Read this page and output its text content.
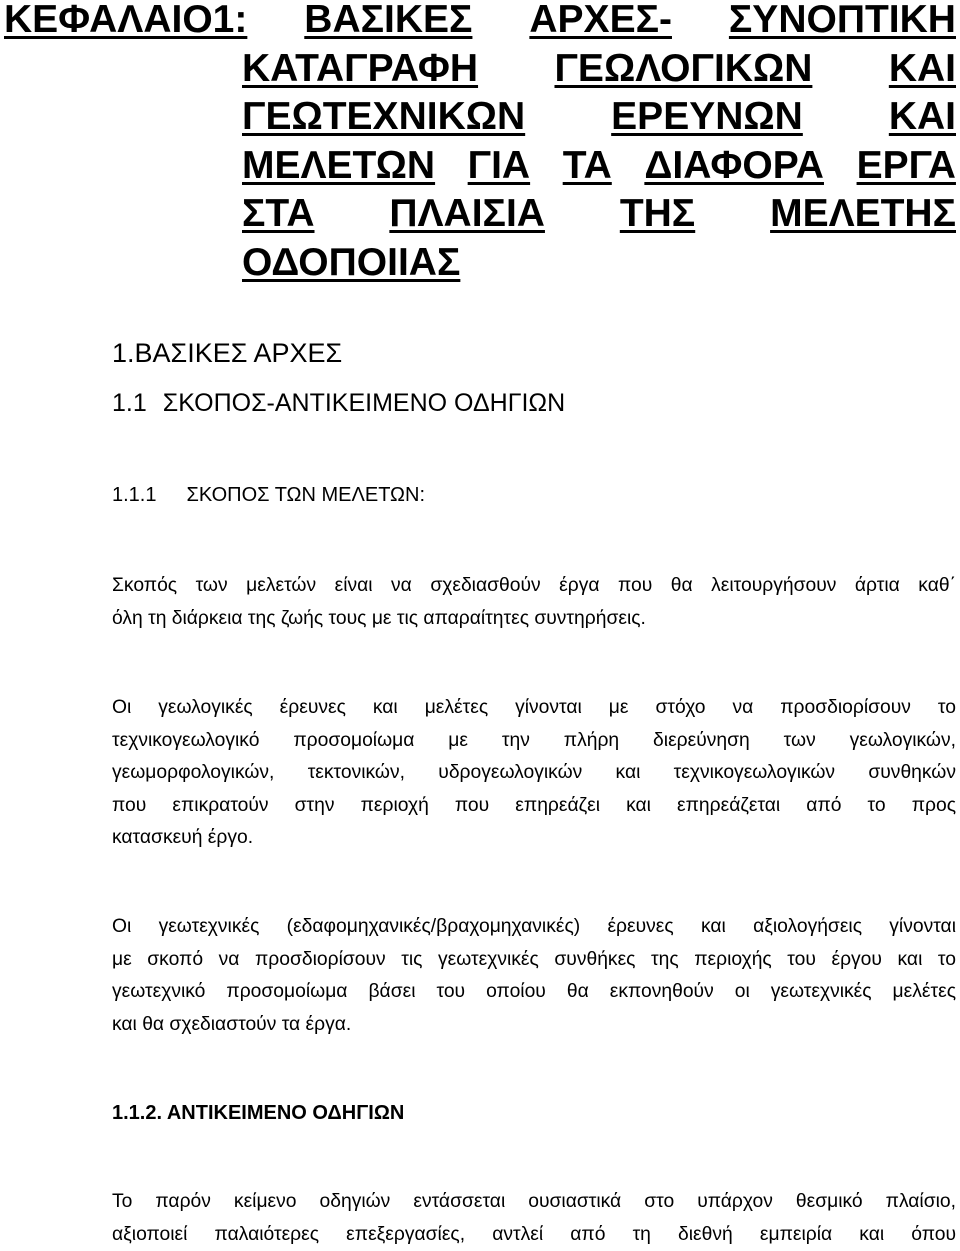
ΚΕΦΑΛΑΙΟ1: ΒΑΣΙΚΕΣ ΑΡΧΕΣ- ΣΥΝΟΠΤΙΚΗ
ΚΑΤΑΓΡΑΦΗ ΓΕΩΛΟΓΙΚΩΝ ΚΑΙ
ΓΕΩΤΕΧΝΙΚΩΝ ΕΡΕΥΝΩΝ ΚΑΙ
ΜΕΛΕΤΩΝ ΓΙΑ ΤΑ ΔΙΑΦΟΡΑ ΕΡΓΑ
ΣΤΑ ΠΛΑΙΣΙΑ ΤΗΣ ΜΕΛΕΤΗΣ
ΟΔΟΠΟΙΙΑΣ
1.ΒΑΣΙΚΕΣ ΑΡΧΕΣ
1.1 ΣΚΟΠΟΣ-ΑΝΤΙΚΕΙΜΕΝΟ ΟΔΗΓΙΩΝ
1.1.1 ΣΚΟΠΟΣ ΤΩΝ ΜΕΛΕΤΩΝ:
Σκοπός των μελετών είναι να σχεδιασθούν έργα που θα λειτουργήσουν άρτια καθ΄
όλη τη διάρκεια της ζωής τους με τις απαραίτητες συντηρήσεις.
Οι γεωλογικές έρευνες και μελέτες γίνονται με στόχο να προσδιορίσουν το
τεχνικογεωλογικό προσομοίωμα με την πλήρη διερεύνηση των γεωλογικών,
γεωμορφολογικών, τεκτονικών, υδρογεωλογικών και τεχνικογεωλογικών συνθηκών
που επικρατούν στην περιοχή που επηρεάζει και επηρεάζεται από το προς
κατασκευή έργο.
Οι γεωτεχνικές (εδαφομηχανικές/βραχομηχανικές) έρευνες και αξιολογήσεις γίνονται
με σκοπό να προσδιορίσουν τις γεωτεχνικές συνθήκες της περιοχής του έργου και το
γεωτεχνικό προσομοίωμα βάσει του οποίου θα εκπονηθούν οι γεωτεχνικές μελέτες
και θα σχεδιαστούν τα έργα.
1.1.2. ΑΝΤΙΚΕΙΜΕΝΟ ΟΔΗΓΙΩΝ
Το παρόν κείμενο οδηγιών εντάσσεται ουσιαστικά στο υπάρχον θεσμικό πλαίσιο,
αξιοποιεί παλαιότερες επεξεργασίες, αντλεί από τη διεθνή εμπειρία και όπου
